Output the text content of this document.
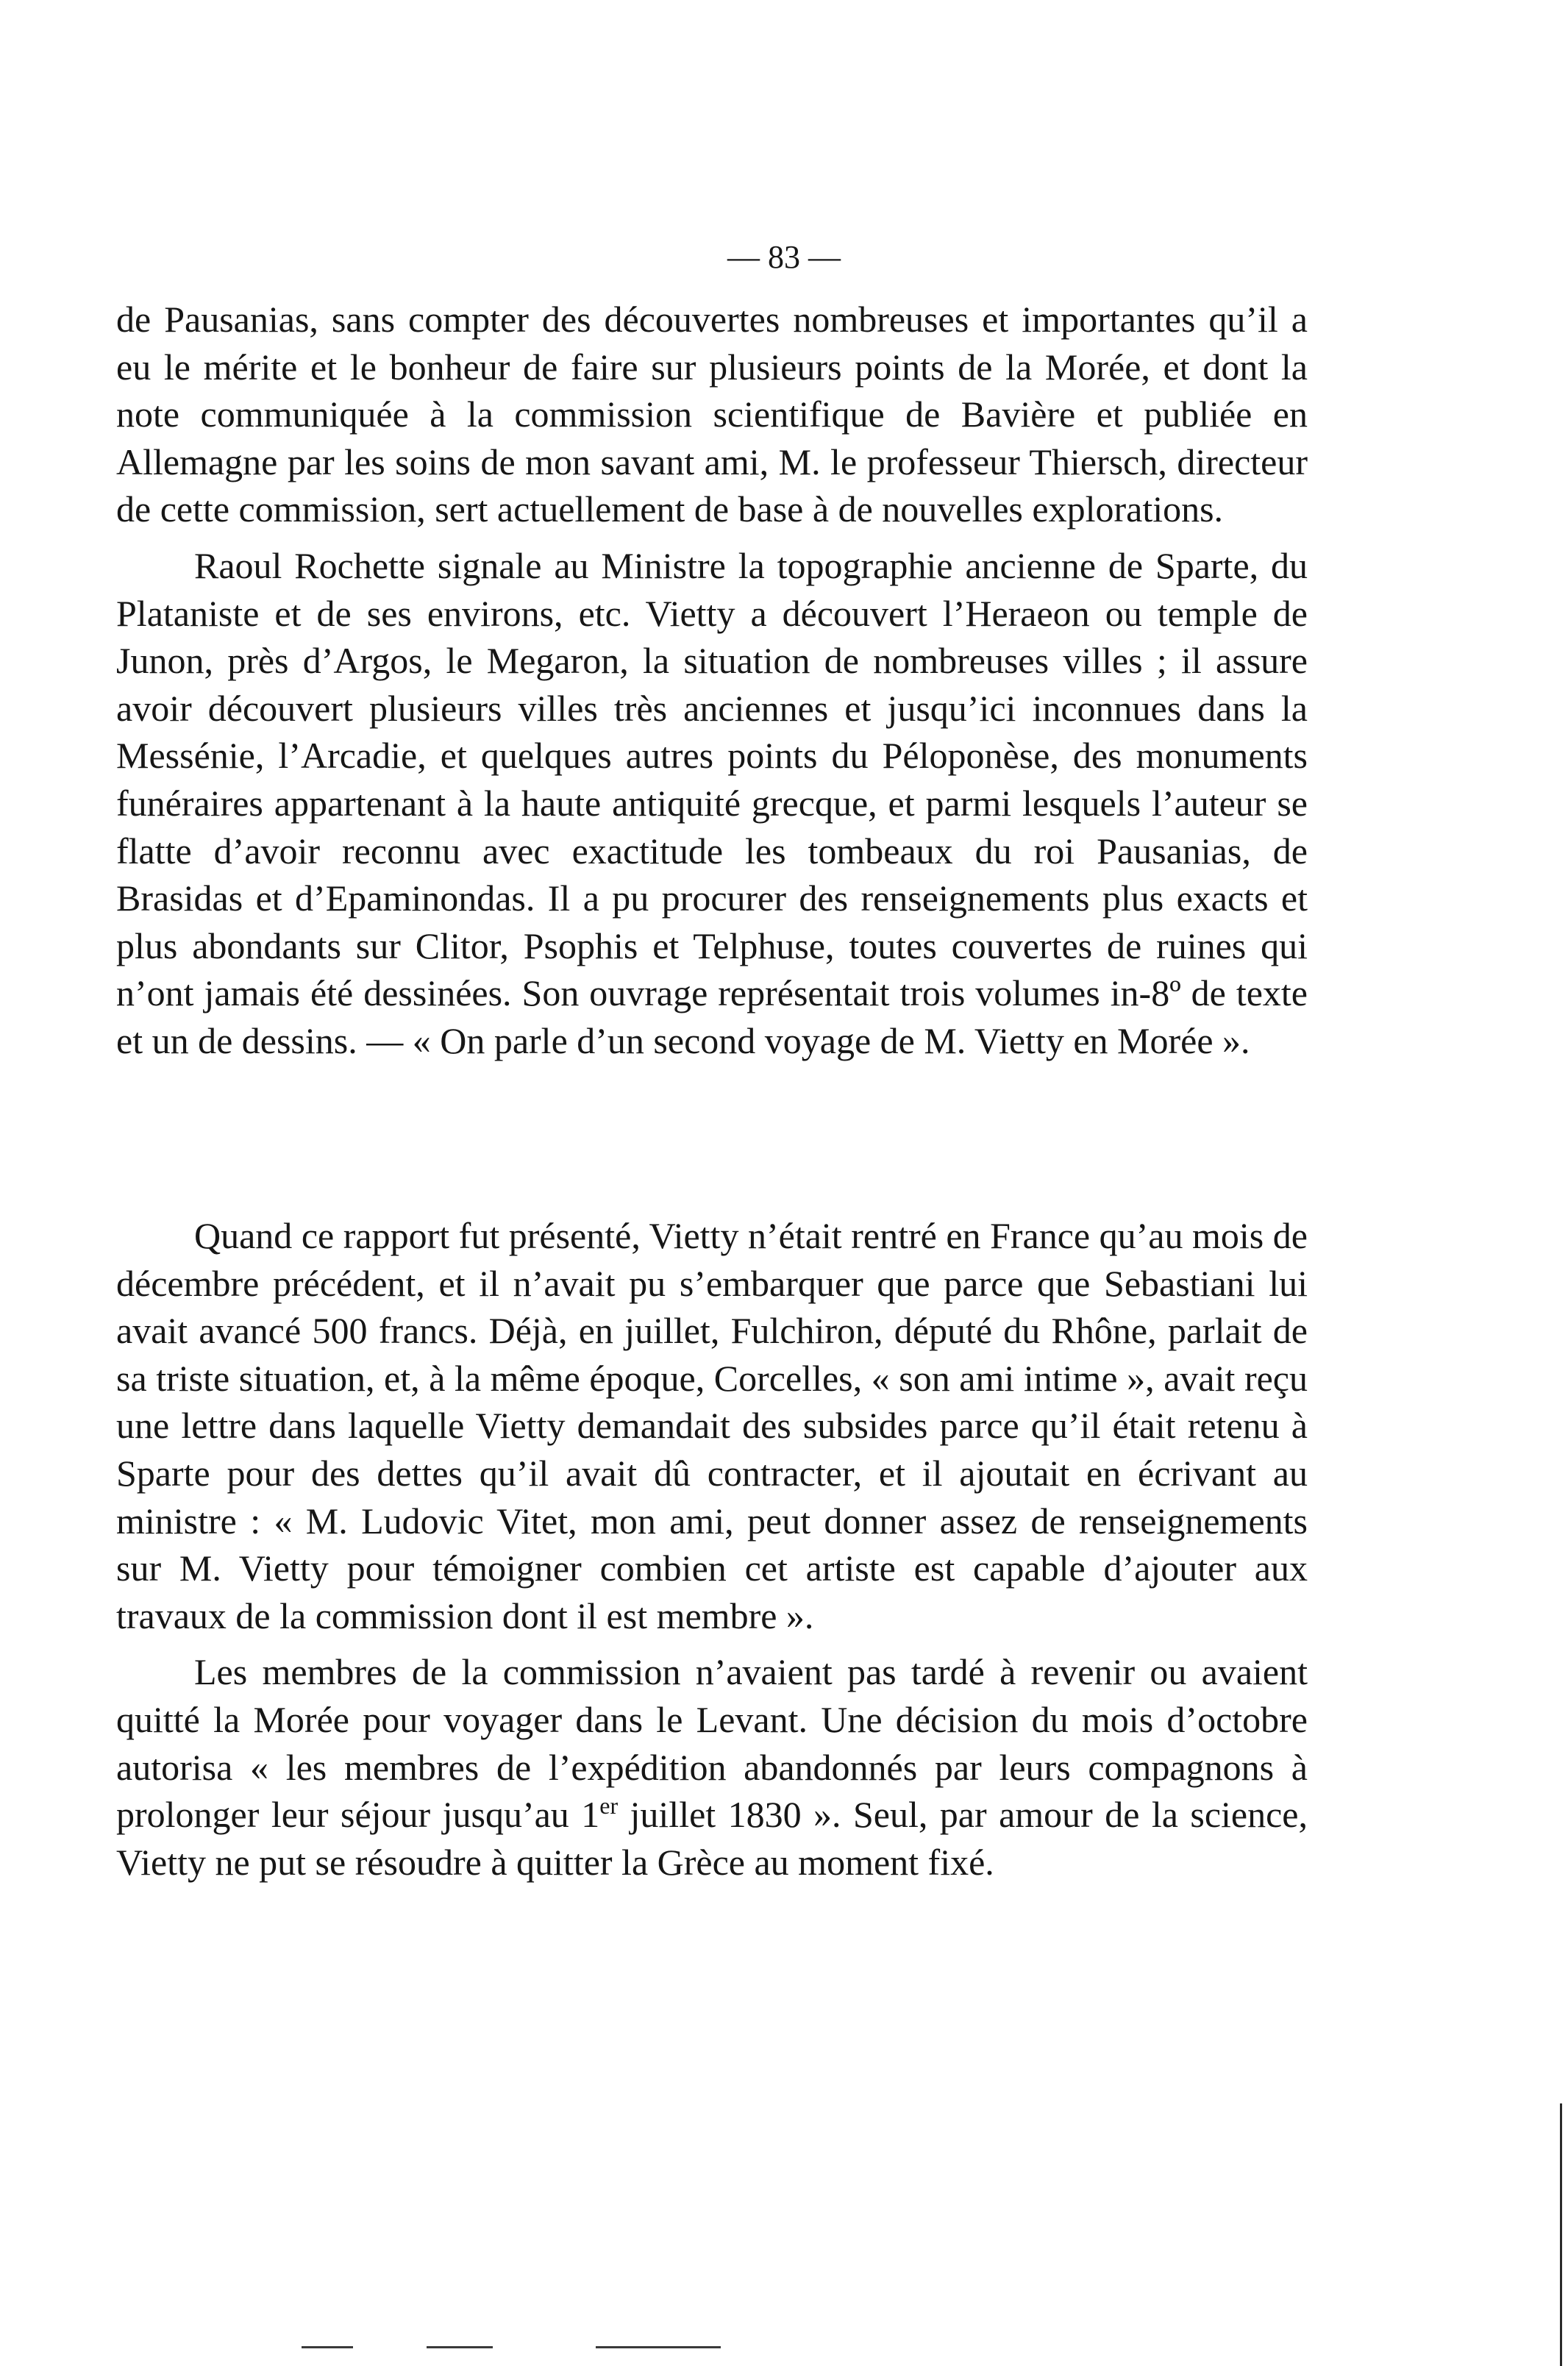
— 83 —

de Pausanias, sans compter des découvertes nombreuses et importantes qu’il a eu le mérite et le bonheur de faire sur plusieurs points de la Morée, et dont la note communiquée à la commission scientifique de Bavière et publiée en Allemagne par les soins de mon savant ami, M. le professeur Thiersch, directeur de cette commission, sert actuellement de base à de nouvelles explorations.

Raoul Rochette signale au Ministre la topographie ancienne de Sparte, du Plataniste et de ses environs, etc. Vietty a découvert l’Heraeon ou temple de Junon, près d’Argos, le Megaron, la situation de nombreuses villes ; il assure avoir découvert plusieurs villes très anciennes et jusqu’ici inconnues dans la Messénie, l’Arcadie, et quelques autres points du Péloponèse, des monuments funéraires appartenant à la haute antiquité grecque, et parmi lesquels l’auteur se flatte d’avoir reconnu avec exactitude les tombeaux du roi Pausanias, de Brasidas et d’Epaminondas. Il a pu procurer des renseignements plus exacts et plus abondants sur Clitor, Psophis et Telphuse, toutes couvertes de ruines qui n’ont jamais été dessinées. Son ouvrage représentait trois volumes in-8º de texte et un de dessins. — « On parle d’un second voyage de M. Vietty en Morée ».

Quand ce rapport fut présenté, Vietty n’était rentré en France qu’au mois de décembre précédent, et il n’avait pu s’embarquer que parce que Sebastiani lui avait avancé 500 francs. Déjà, en juillet, Fulchiron, député du Rhône, parlait de sa triste situation, et, à la même époque, Corcelles, « son ami intime », avait reçu une lettre dans laquelle Vietty demandait des subsides parce qu’il était retenu à Sparte pour des dettes qu’il avait dû contracter, et il ajoutait en écrivant au ministre : « M. Ludovic Vitet, mon ami, peut donner assez de renseignements sur M. Vietty pour témoigner combien cet artiste est capable d’ajouter aux travaux de la commission dont il est membre ».

Les membres de la commission n’avaient pas tardé à revenir ou avaient quitté la Morée pour voyager dans le Levant. Une décision du mois d’octobre autorisa « les membres de l’expédition abandonnés par leurs compagnons à prolonger leur séjour jusqu’au 1er juillet 1830 ». Seul, par amour de la science, Vietty ne put se résoudre à quitter la Grèce au moment fixé.
